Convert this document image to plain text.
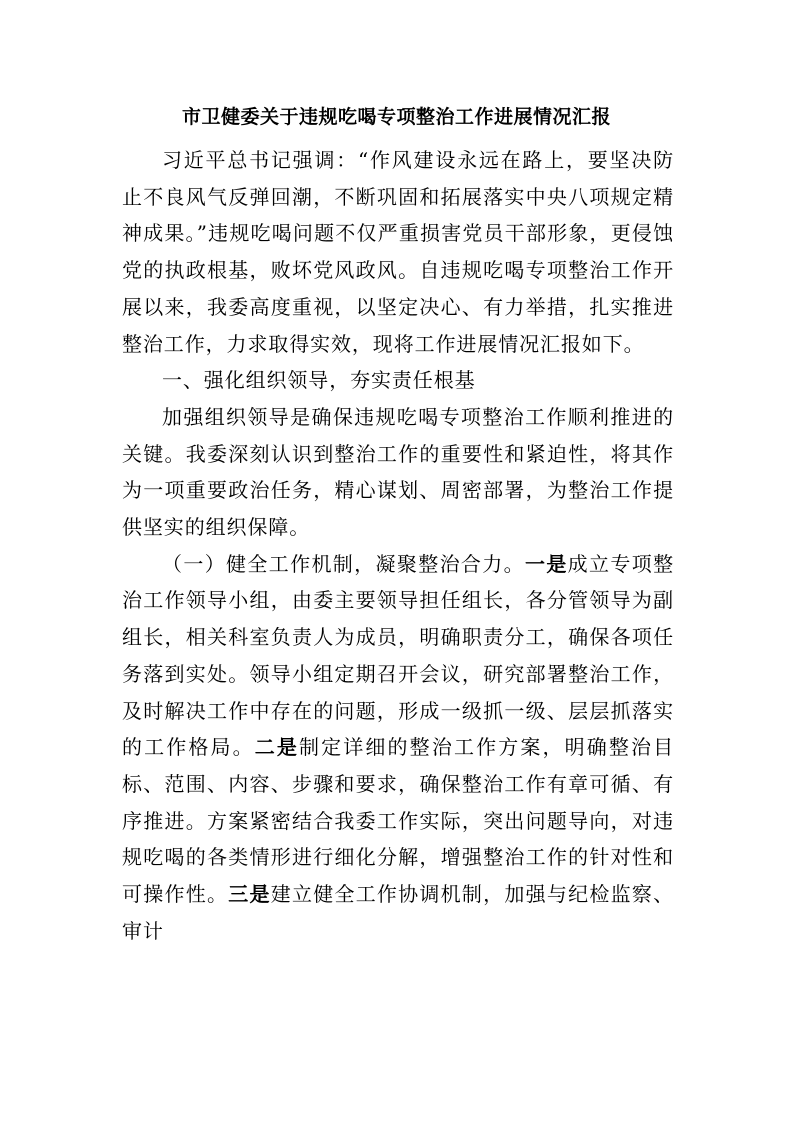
市卫健委关于违规吃喝专项整治工作进展情况汇报

习近平总书记强调：“作风建设永远在路上，要坚决防止不良风气反弹回潮，不断巩固和拓展落实中央八项规定精神成果。”违规吃喝问题不仅严重损害党员干部形象，更侵蚀党的执政根基，败坏党风政风。自违规吃喝专项整治工作开展以来，我委高度重视，以坚定决心、有力举措，扎实推进整治工作，力求取得实效，现将工作进展情况汇报如下。

一、强化组织领导，夯实责任根基

加强组织领导是确保违规吃喝专项整治工作顺利推进的关键。我委深刻认识到整治工作的重要性和紧迫性，将其作为一项重要政治任务，精心谋划、周密部署，为整治工作提供坚实的组织保障。

（一）健全工作机制，凝聚整治合力。一是成立专项整治工作领导小组，由委主要领导担任组长，各分管领导为副组长，相关科室负责人为成员，明确职责分工，确保各项任务落到实处。领导小组定期召开会议，研究部署整治工作，及时解决工作中存在的问题，形成一级抓一级、层层抓落实的工作格局。二是制定详细的整治工作方案，明确整治目标、范围、内容、步骤和要求，确保整治工作有章可循、有序推进。方案紧密结合我委工作实际，突出问题导向，对违规吃喝的各类情形进行细化分解，增强整治工作的针对性和可操作性。三是建立健全工作协调机制，加强与纪检监察、审计
